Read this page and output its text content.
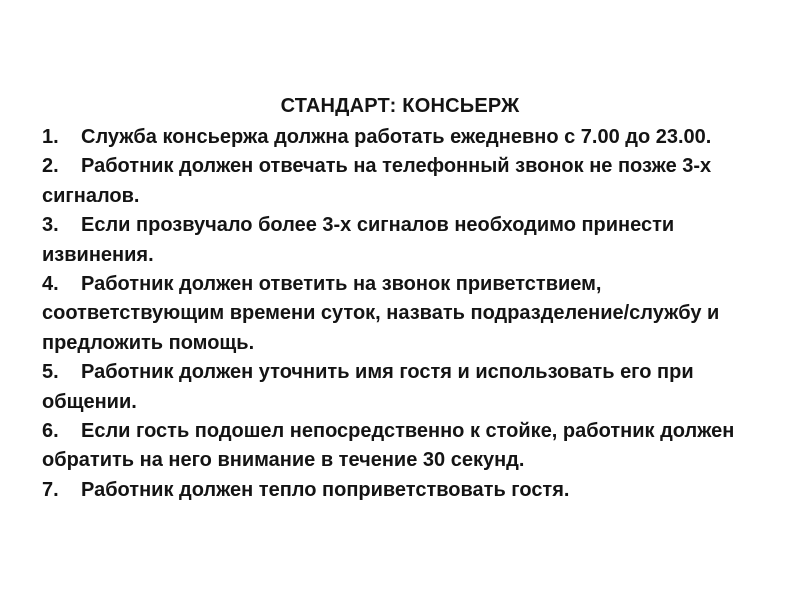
СТАНДАРТ: КОНСЬЕРЖ
1. Служба консьержа должна работать ежедневно с 7.00 до 23.00.
2. Работник должен отвечать на телефонный звонок не позже 3-х сигналов.
3. Если прозвучало более 3-х сигналов необходимо принести извинения.
4. Работник должен ответить на звонок приветствием, соответствующим времени суток, назвать подразделение/службу и предложить помощь.
5. Работник должен уточнить имя гостя и использовать его при общении.
6. Если гость подошел непосредственно к стойке, работник должен обратить на него внимание в течение 30 секунд.
7. Работник должен тепло поприветствовать гостя.
